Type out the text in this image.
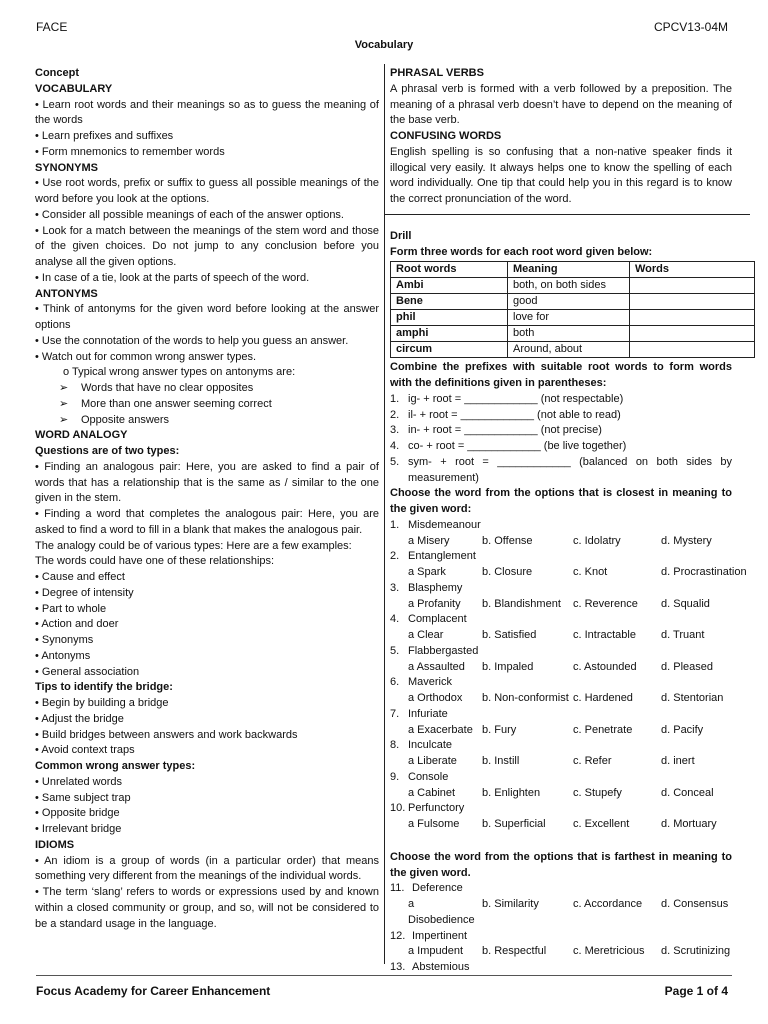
FACE	CPCV13-04M
Vocabulary
Concept
VOCABULARY
• Learn root words and their meanings so as to guess the meaning of the words
• Learn prefixes and suffixes
• Form mnemonics to remember words
SYNONYMS
• Use root words, prefix or suffix to guess all possible meanings of the word before you look at the options.
• Consider all possible meanings of each of the answer options.
• Look for a match between the meanings of the stem word and those of the given choices. Do not jump to any conclusion before you analyse all the given options.
• In case of a tie, look at the parts of speech of the word.
ANTONYMS
• Think of antonyms for the given word before looking at the answer options
• Use the connotation of the words to help you guess an answer.
• Watch out for common wrong answer types.
o Typical wrong answer types on antonyms are:
➢	Words that have no clear opposites
➢	More than one answer seeming correct
➢	Opposite answers
WORD ANALOGY
Questions are of two types:
• Finding an analogous pair: Here, you are asked to find a pair of words that has a relationship that is the same as / similar to the one given in the stem.
• Finding a word that completes the analogous pair: Here, you are asked to find a word to fill in a blank that makes the analogous pair.
The analogy could be of various types: Here are a few examples:
The words could have one of these relationships:
• Cause and effect
• Degree of intensity
• Part to whole
• Action and doer
• Synonyms
• Antonyms
• General association
Tips to identify the bridge:
• Begin by building a bridge
• Adjust the bridge
• Build bridges between answers and work backwards
• Avoid context traps
Common wrong answer types:
• Unrelated words
• Same subject trap
• Opposite bridge
• Irrelevant bridge
IDIOMS
• An idiom is a group of words (in a particular order) that means something very different from the meanings of the individual words.
• The term ‘slang’ refers to words or expressions used by and known within a closed community or group, and so, will not be considered to be a standard usage in the language.
PHRASAL VERBS
A phrasal verb is formed with a verb followed by a preposition. The meaning of a phrasal verb doesn’t have to depend on the meaning of the base verb.
CONFUSING WORDS
English spelling is so confusing that a non-native speaker finds it illogical very easily. It always helps one to know the spelling of each word individually. One tip that could help you in this regard is to know the correct pronunciation of the word.
Drill
Form three words for each root word given below:
Root words	Meaning	Words
Ambi	both, on both sides	
Bene	good	
phil	love for	
amphi	both	
circum	Around, about	
Combine the prefixes with suitable root words to form words with the definitions given in parentheses:
1. ig- + root = ____________ (not respectable)
2. il- + root = ____________ (not able to read)
3. in- + root = ____________ (not precise)
4. co- + root = ____________ (be live together)
5. sym- + root = ____________ (balanced on both sides by measurement)
Choose the word from the options that is closest in meaning to the given word:
1. Misdemeanour
a Misery	b. Offense	c. Idolatry	d. Mystery
2. Entanglement
a Spark	b. Closure	c. Knot	d. Procrastination
3. Blasphemy
a Profanity	b. Blandishment	c. Reverence	d. Squalid
4. Complacent
a Clear	b. Satisfied	c. Intractable	d. Truant
5. Flabbergasted
a Assaulted	b. Impaled	c. Astounded	d. Pleased
6. Maverick
a Orthodox	b. Non-conformist c. Hardened	d. Stentorian
7. Infuriate
a Exacerbate b. Fury	c. Penetrate	d. Pacify
8. Inculcate
a Liberate	b. Instill	c. Refer	d. inert
9. Console
a Cabinet	b. Enlighten	c. Stupefy	d. Conceal
10. Perfunctory
a Fulsome	b. Superficial	c. Excellent	d. Mortuary
Choose the word from the options that is farthest in meaning to the given word.
11. Deference
a Disobedience
b. Similarity	c. Accordance	d. Consensus
12. Impertinent
a Impudent	b. Respectful	c. Meretricious	d. Scrutinizing
13. Abstemious
Focus Academy for Career Enhancement	Page 1 of 4
